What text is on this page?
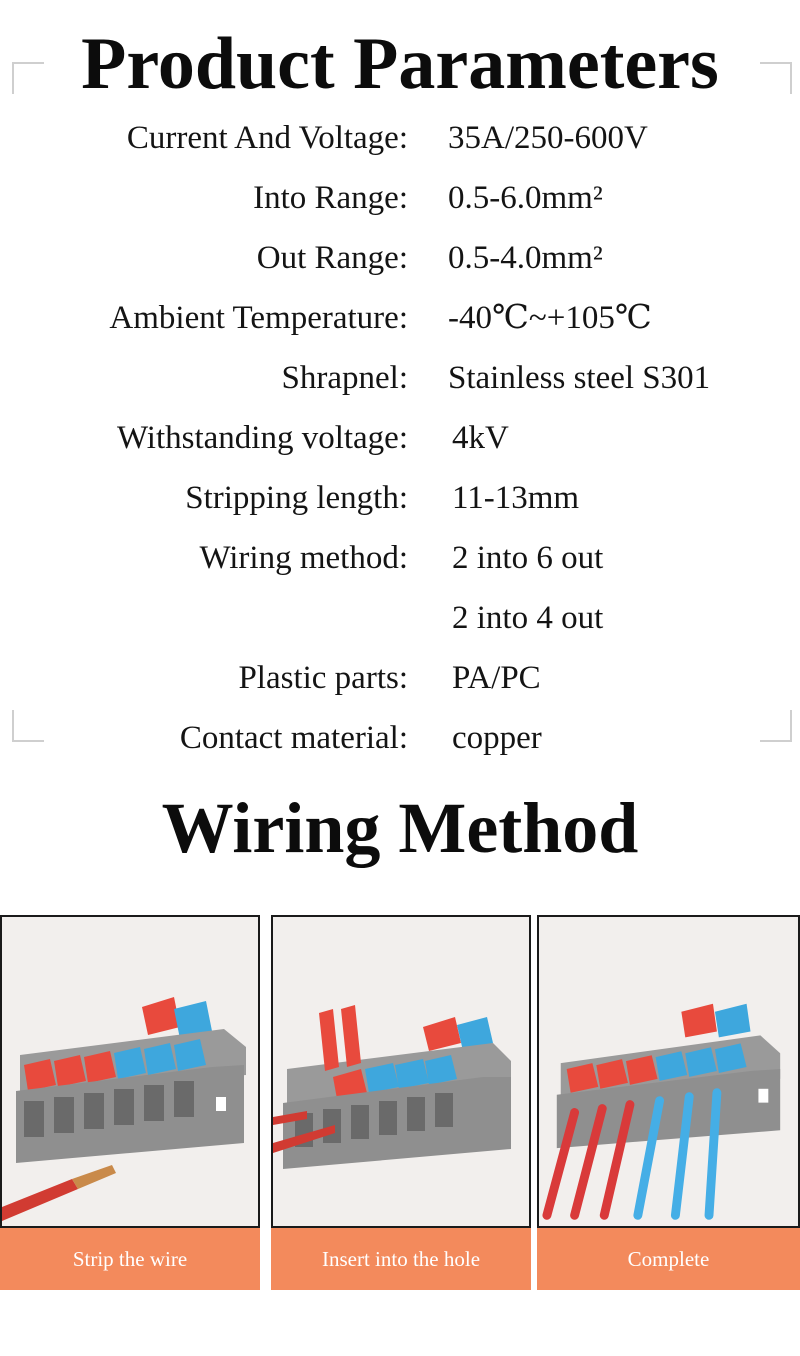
Product Parameters
Current And Voltage: 35A/250-600V
Into Range: 0.5-6.0mm²
Out Range: 0.5-4.0mm²
Ambient Temperature: -40℃~+105℃
Shrapnel: Stainless steel S301
Withstanding voltage: 4kV
Stripping length: 11-13mm
Wiring method: 2 into 6 out
2 into 4 out
Plastic parts: PA/PC
Contact material: copper
Wiring Method
Strip the wire	Insert into the hole	Complete
